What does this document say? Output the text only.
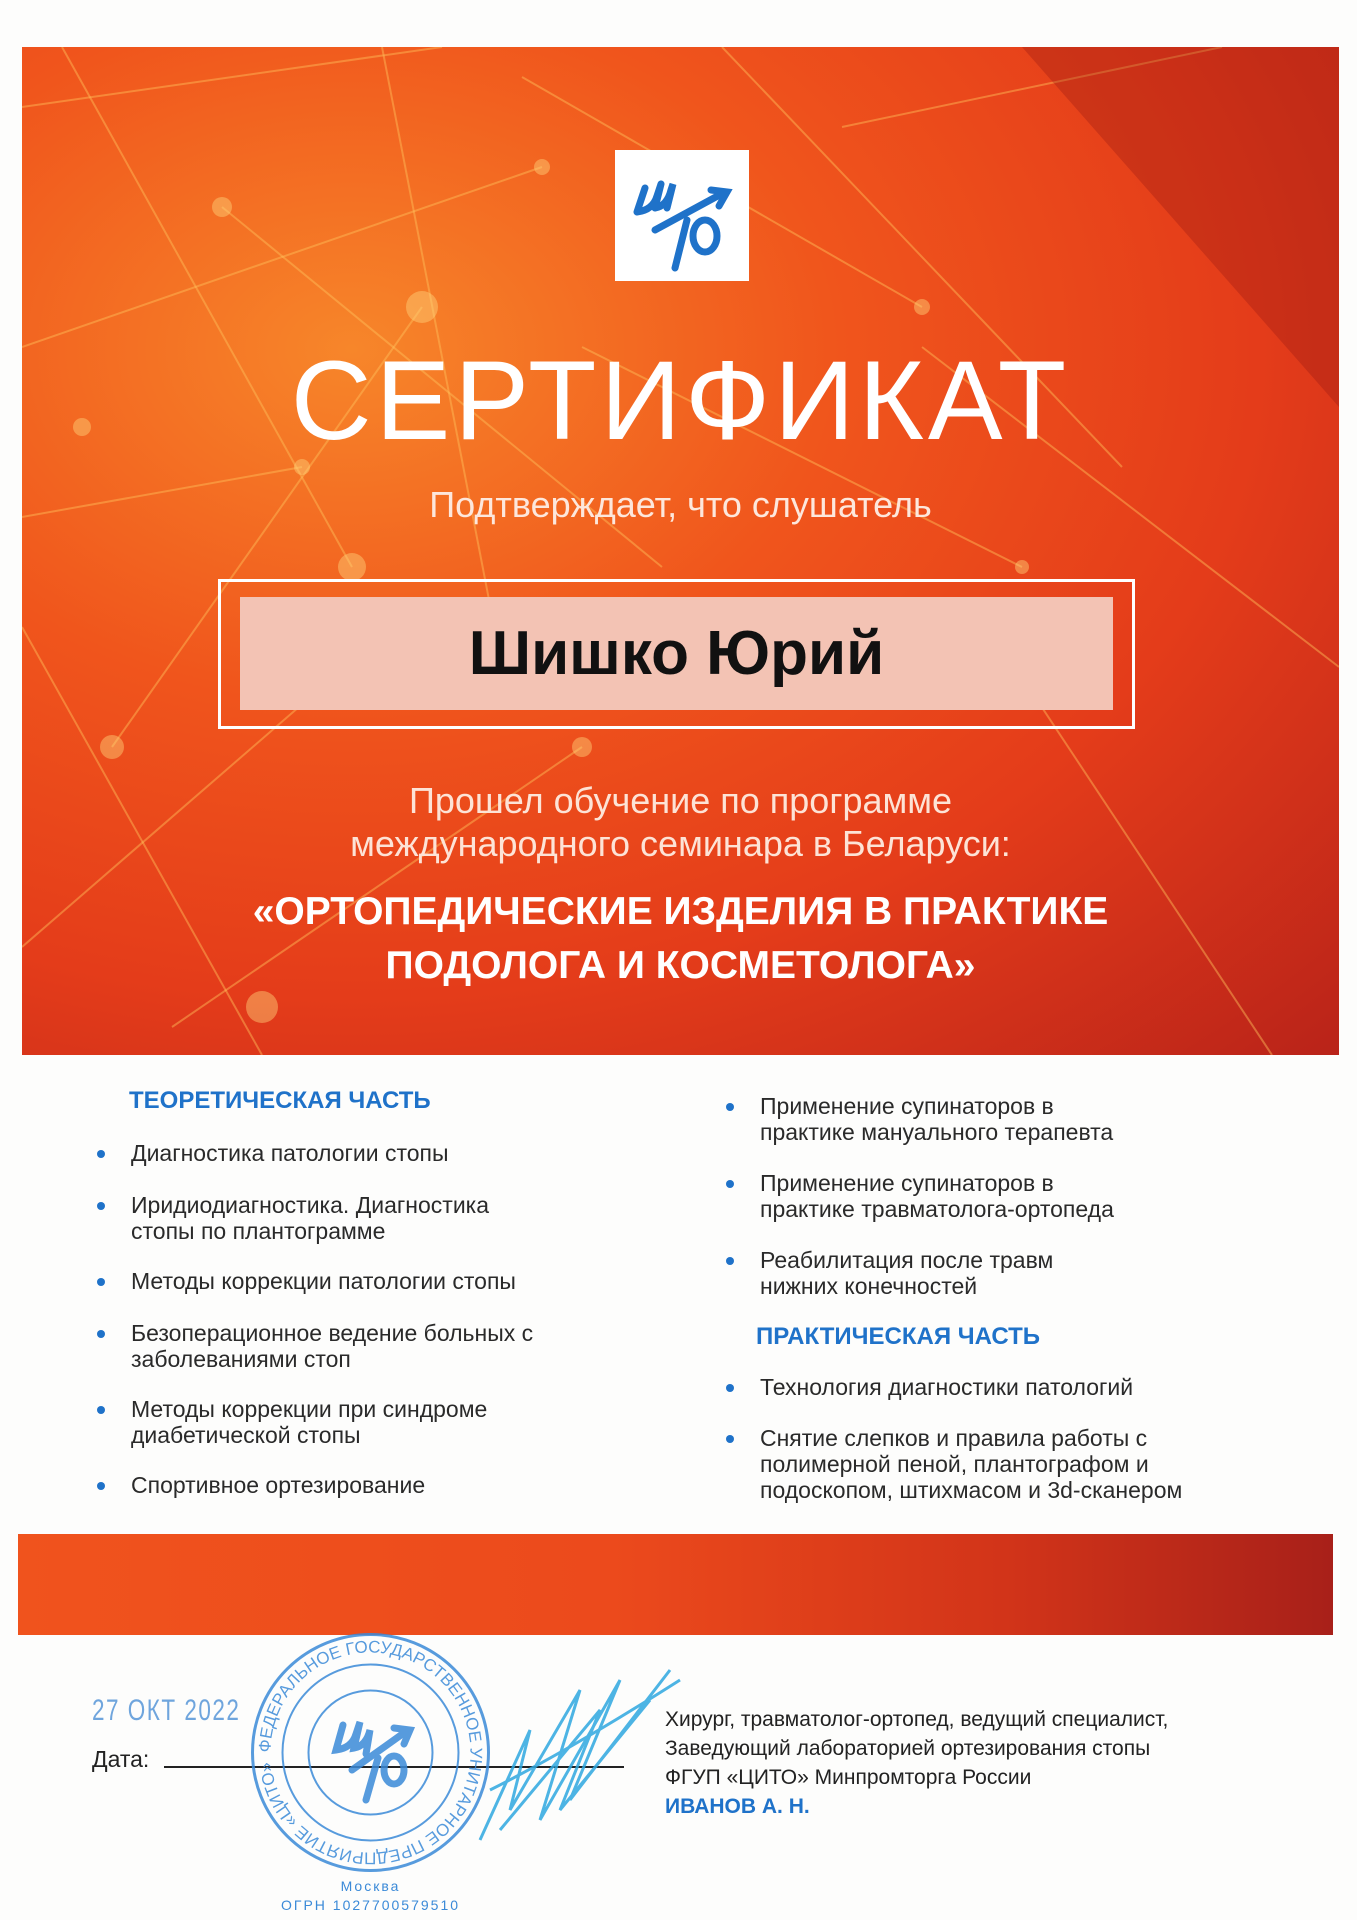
СЕРТИФИКАТ
Подтверждает, что слушатель
Шишко Юрий
Прошел обучение по программе
международного семинара в Беларуси:
«ОРТОПЕДИЧЕСКИЕ ИЗДЕЛИЯ В ПРАКТИКЕ
ПОДОЛОГА И КОСМЕТОЛОГА»
ТЕОРЕТИЧЕСКАЯ ЧАСТЬ
Диагностика патологии стопы
Иридиодиагностика. Диагностика
стопы по плантограмме
Методы коррекции патологии стопы
Безоперационное ведение больных с
заболеваниями стоп
Методы коррекции при синдроме
диабетической стопы
Спортивное ортезирование
Применение супинаторов в
практике мануального терапевта
Применение супинаторов в
практике травматолога-ортопеда
Реабилитация после травм
нижних конечностей
Технология диагностики патологий
Снятие слепков и правила работы с
полимерной пеной, плантографом и
подоскопом, штихмасом и 3d-сканером
ПРАКТИЧЕСКАЯ ЧАСТЬ
27 ОКТ 2022
Дата:
ФЕДЕРАЛЬНОЕ ГОСУДАРСТВЕННОЕ УНИТАРНОЕ ПРЕДПРИЯТИЕ «ЦИТО»
Москва
ОГРН 1027700579510
Хирург, травматолог-ортопед, ведущий специалист,
Заведующий лабораторией ортезирования стопы
ФГУП «ЦИТО» Минпромторга России
ИВАНОВ А. Н.
